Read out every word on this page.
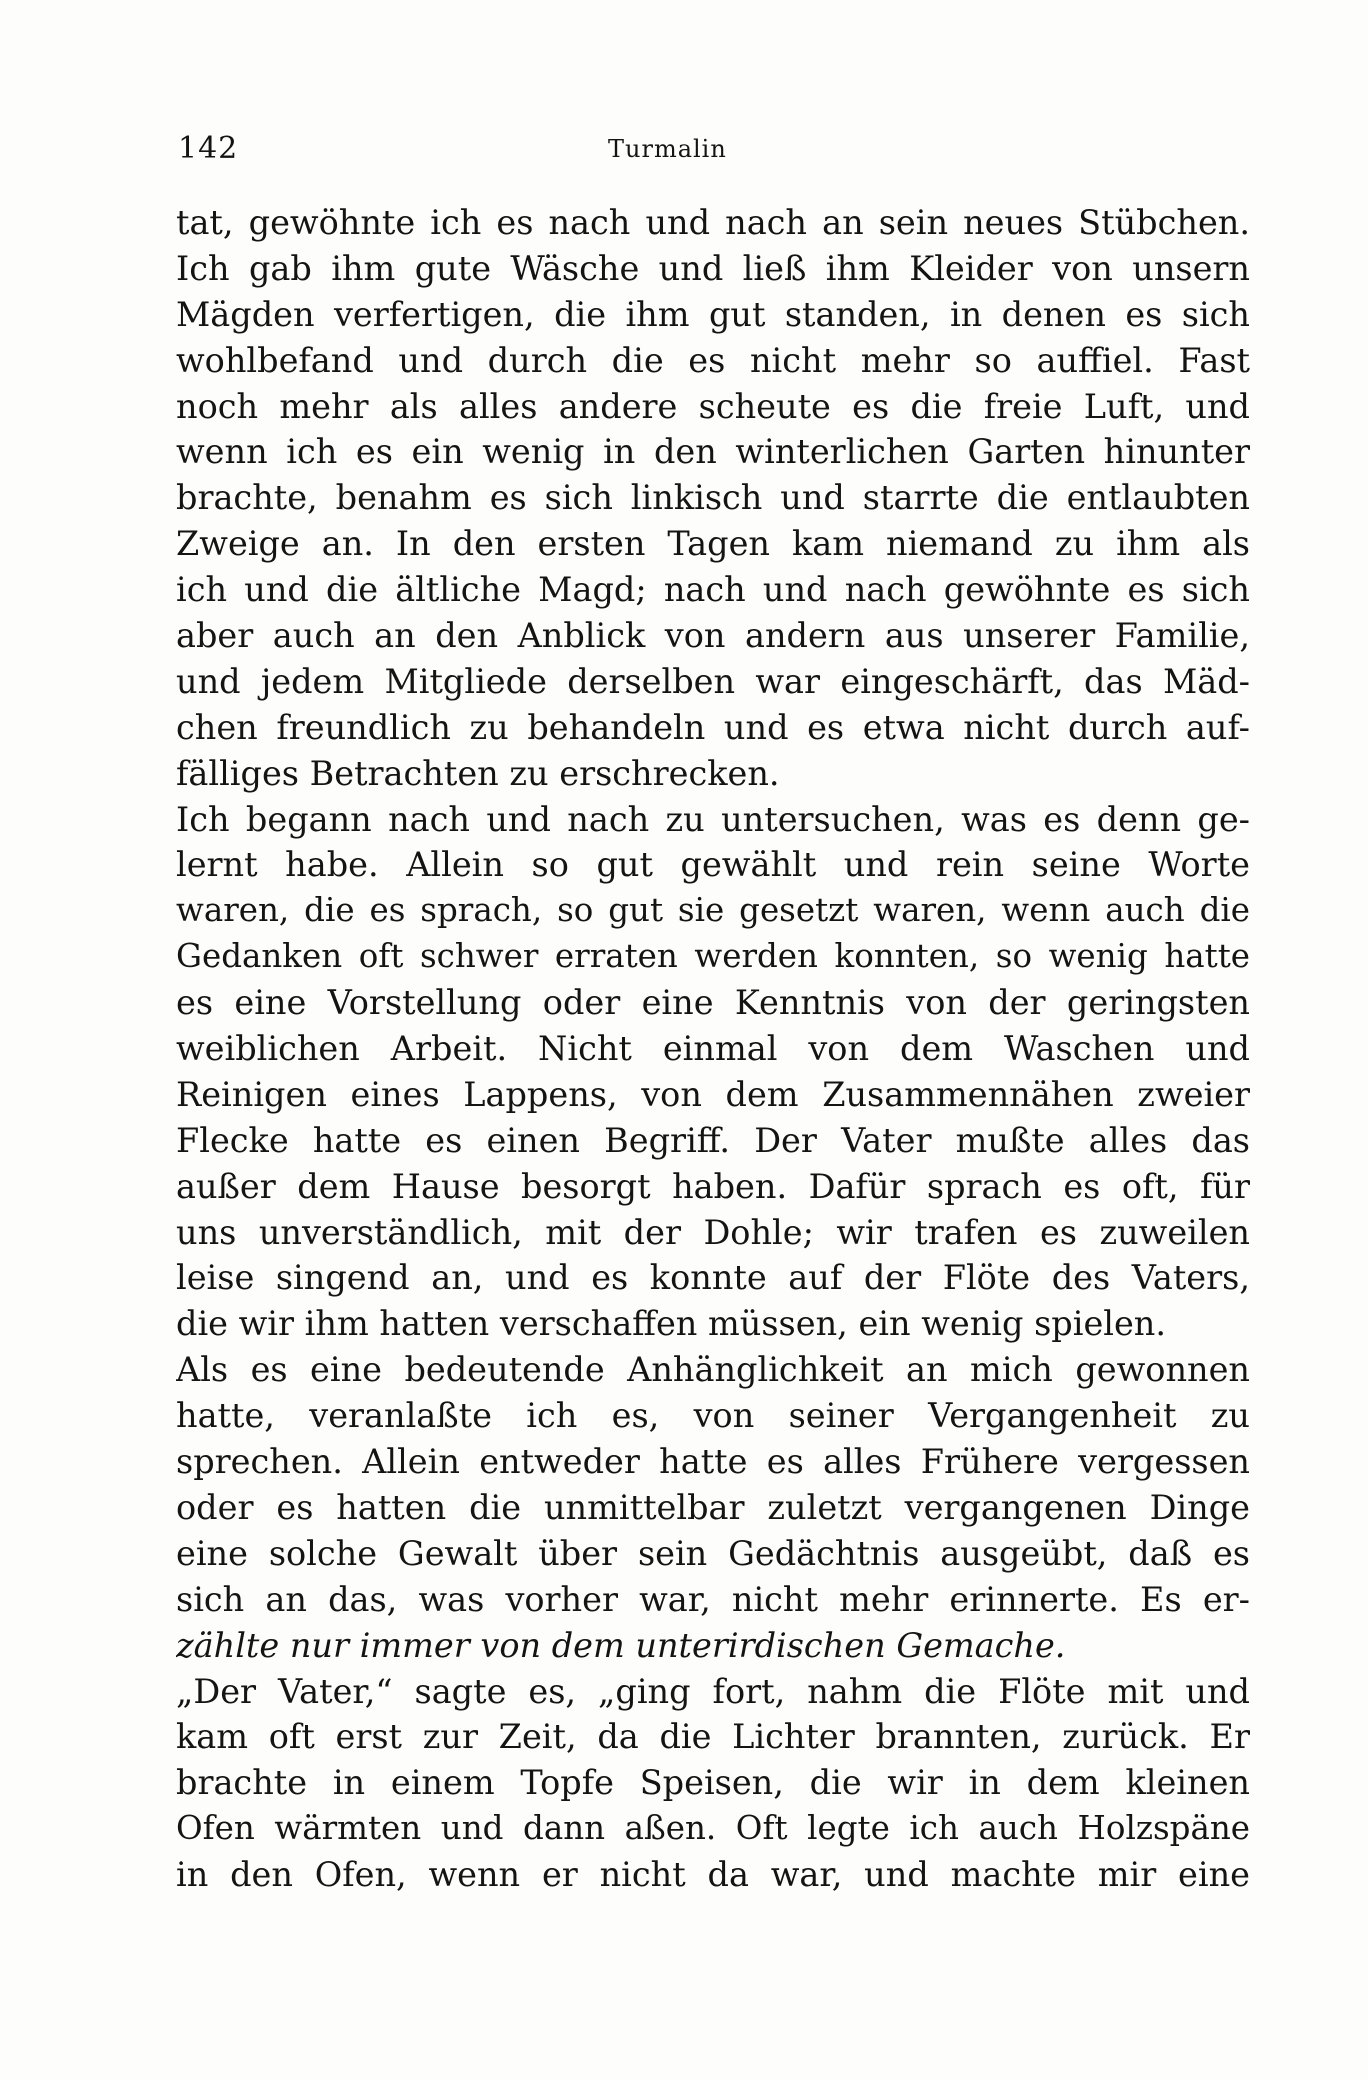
142	Turmalin
tat, gewöhnte ich es nach und nach an sein neues Stübchen.
Ich gab ihm gute Wäsche und ließ ihm Kleider von unsern
Mägden verfertigen, die ihm gut standen, in denen es sich
wohlbefand und durch die es nicht mehr so auffiel. Fast
noch mehr als alles andere scheute es die freie Luft, und
wenn ich es ein wenig in den winterlichen Garten hinunter
brachte, benahm es sich linkisch und starrte die entlaubten
Zweige an. In den ersten Tagen kam niemand zu ihm als
ich und die ältliche Magd; nach und nach gewöhnte es sich
aber auch an den Anblick von andern aus unserer Familie,
und jedem Mitgliede derselben war eingeschärft, das Mäd-
chen freundlich zu behandeln und es etwa nicht durch auf-
fälliges Betrachten zu erschrecken.
Ich begann nach und nach zu untersuchen, was es denn ge-
lernt habe. Allein so gut gewählt und rein seine Worte
waren, die es sprach, so gut sie gesetzt waren, wenn auch die
Gedanken oft schwer erraten werden konnten, so wenig hatte
es eine Vorstellung oder eine Kenntnis von der geringsten
weiblichen Arbeit. Nicht einmal von dem Waschen und
Reinigen eines Lappens, von dem Zusammennähen zweier
Flecke hatte es einen Begriff. Der Vater mußte alles das
außer dem Hause besorgt haben. Dafür sprach es oft, für
uns unverständlich, mit der Dohle; wir trafen es zuweilen
leise singend an, und es konnte auf der Flöte des Vaters,
die wir ihm hatten verschaffen müssen, ein wenig spielen.
Als es eine bedeutende Anhänglichkeit an mich gewonnen
hatte, veranlaßte ich es, von seiner Vergangenheit zu
sprechen. Allein entweder hatte es alles Frühere vergessen
oder es hatten die unmittelbar zuletzt vergangenen Dinge
eine solche Gewalt über sein Gedächtnis ausgeübt, daß es
sich an das, was vorher war, nicht mehr erinnerte. Es er-
zählte nur immer von dem unterirdischen Gemache.
„Der Vater,“ sagte es, „ging fort, nahm die Flöte mit und
kam oft erst zur Zeit, da die Lichter brannten, zurück. Er
brachte in einem Topfe Speisen, die wir in dem kleinen
Ofen wärmten und dann aßen. Oft legte ich auch Holzspäne
in den Ofen, wenn er nicht da war, und machte mir eine
